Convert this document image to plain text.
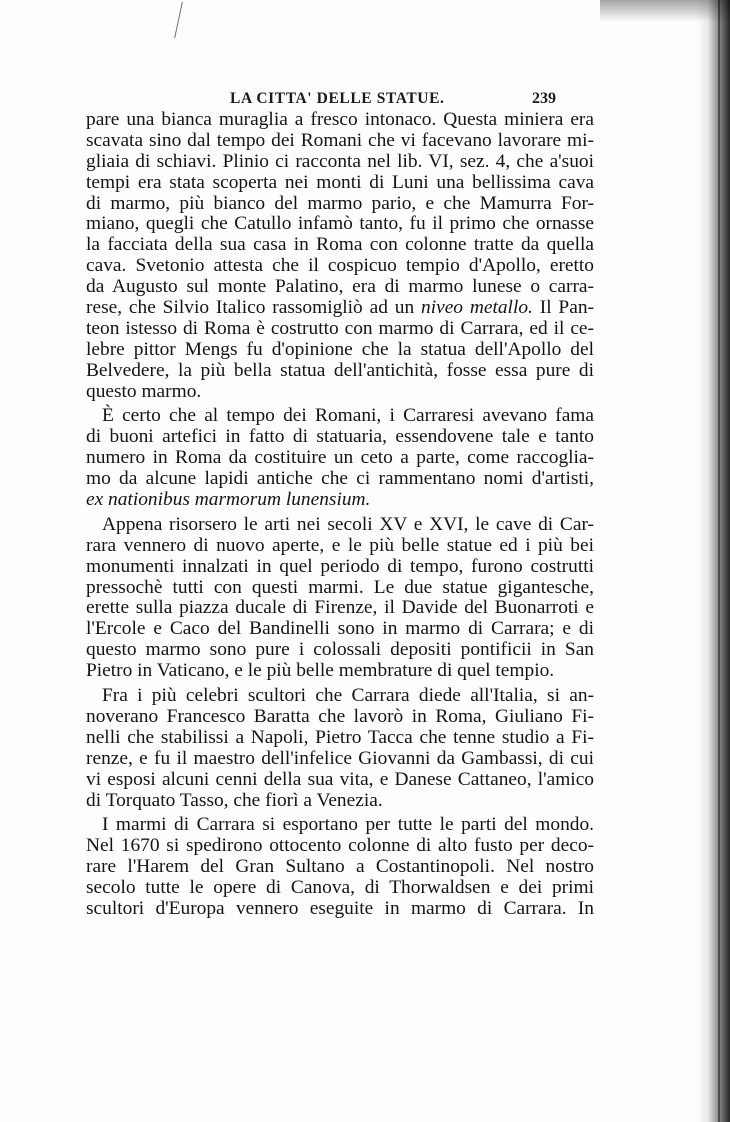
LA CITTA' DELLE STATUE.	239
pare una bianca muraglia a fresco intonaco. Questa miniera era
scavata sino dal tempo dei Romani che vi facevano lavorare mi-
gliaia di schiavi. Plinio ci racconta nel lib. VI, sez. 4, che a'suoi
tempi era stata scoperta nei monti di Luni una bellissima cava
di marmo, più bianco del marmo pario, e che Mamurra For-
miano, quegli che Catullo infamò tanto, fu il primo che ornasse
la facciata della sua casa in Roma con colonne tratte da quella
cava. Svetonio attesta che il cospicuo tempio d'Apollo, eretto
da Augusto sul monte Palatino, era di marmo lunese o carra-
rese, che Silvio Italico rassomigliò ad un niveo metallo. Il Pan-
teon istesso di Roma è costrutto con marmo di Carrara, ed il ce-
lebre pittor Mengs fu d'opinione che la statua dell'Apollo del
Belvedere, la più bella statua dell'antichità, fosse essa pure di
questo marmo.
È certo che al tempo dei Romani, i Carraresi avevano fama
di buoni artefici in fatto di statuaria, essendovene tale e tanto
numero in Roma da costituire un ceto a parte, come raccoglia-
mo da alcune lapidi antiche che ci rammentano nomi d'artisti,
ex nationibus marmorum lunensium.
Appena risorsero le arti nei secoli XV e XVI, le cave di Car-
rara vennero di nuovo aperte, e le più belle statue ed i più bei
monumenti innalzati in quel periodo di tempo, furono costrutti
pressochè tutti con questi marmi. Le due statue gigantesche,
erette sulla piazza ducale di Firenze, il Davide del Buonarroti e
l'Ercole e Caco del Bandinelli sono in marmo di Carrara; e di
questo marmo sono pure i colossali depositi pontificii in San
Pietro in Vaticano, e le più belle membrature di quel tempio.
Fra i più celebri scultori che Carrara diede all'Italia, si an-
noverano Francesco Baratta che lavorò in Roma, Giuliano Fi-
nelli che stabilissi a Napoli, Pietro Tacca che tenne studio a Fi-
renze, e fu il maestro dell'infelice Giovanni da Gambassi, di cui
vi esposi alcuni cenni della sua vita, e Danese Cattaneo, l'amico
di Torquato Tasso, che fiorì a Venezia.
I marmi di Carrara si esportano per tutte le parti del mondo.
Nel 1670 si spedirono ottocento colonne di alto fusto per deco-
rare l'Harem del Gran Sultano a Costantinopoli. Nel nostro
secolo tutte le opere di Canova, di Thorwaldsen e dei primi
scultori d'Europa vennero eseguite in marmo di Carrara. In
